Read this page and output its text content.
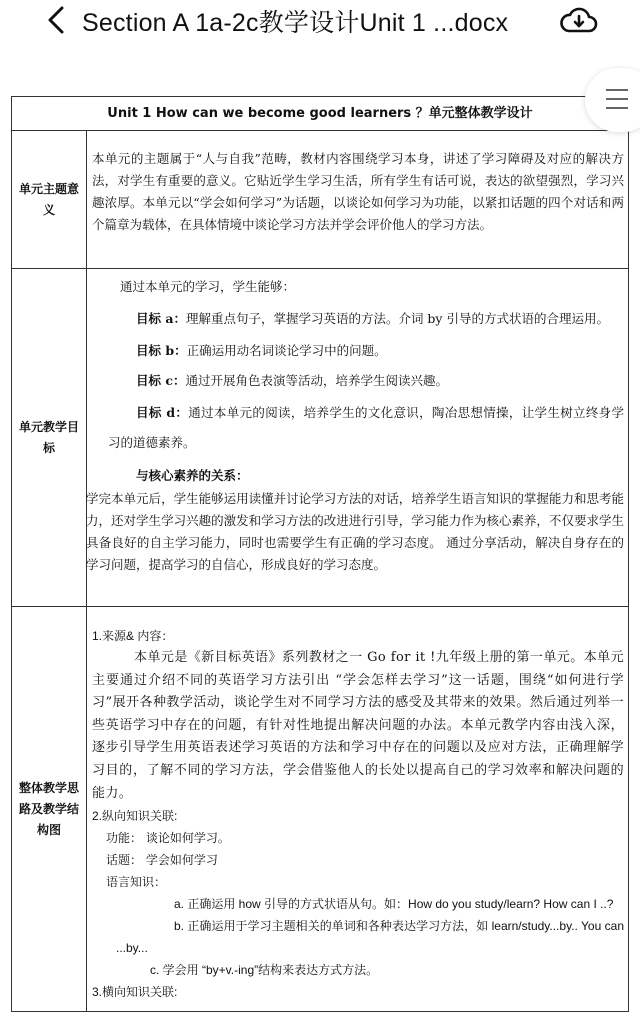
Section A 1a-2c教学设计Unit 1 ...docx
Unit 1 How can we become good learners ？单元整体教学设计
单元主题意义

本单元的主题属于“人与自我”范畴，教材内容围绕学习本身，讲述了学习障碍及对应的解决方法，对学生有重要的意义。它贴近学生学习生活，所有学生有话可说，表达的欲望强烈，学习兴趣浓厚。本单元以“学会如何学习”为话题，以谈论如何学习为功能，以紧扣话题的四个对话和两个篇章为载体，在具体情境中谈论学习方法并学会评价他人的学习方法。

单元教学目标

通过本单元的学习，学生能够：

目标 a：理解重点句子，掌握学习英语的方法。介词 by 引导的方式状语的合理运用。

目标 b：正确运用动名词谈论学习中的问题。

目标 c：通过开展角色表演等活动，培养学生阅读兴趣。

目标 d：通过本单元的阅读，培养学生的文化意识，陶冶思想情操，让学生树立终身学习的道德素养。

与核心素养的关系：

学完本单元后，学生能够运用读懂并讨论学习方法的对话，培养学生语言知识的掌握能力和思考能力，还对学生学习兴趣的激发和学习方法的改进进行引导，学习能力作为核心素养，不仅要求学生具备良好的自主学习能力，同时也需要学生有正确的学习态度。 通过分享活动，解决自身存在的学习问题，提高学习的自信心，形成良好的学习态度。

整体教学思路及教学结构图

1.来源& 内容：

本单元是《新目标英语》系列教材之一 Go for it !九年级上册的第一单元。本单元主要通过介绍不同的英语学习方法引出 “学会怎样去学习”这一话题，围绕“如何进行学习”展开各种教学活动，谈论学生对不同学习方法的感受及其带来的效果。然后通过列举一些英语学习中存在的问题，有针对性地提出解决问题的办法。本单元教学内容由浅入深，逐步引导学生用英语表述学习英语的方法和学习中存在的问题以及应对方法，正确理解学习目的，了解不同的学习方法，学会借鉴他人的长处以提高自己的学习效率和解决问题的能力。

2.纵向知识关联:

功能： 谈论如何学习。

话题： 学会如何学习

语言知识：

a. 正确运用 how 引导的方式状语从句。如：How do you study/learn? How can I ..?

b. 正确运用于学习主题相关的单词和各种表达学习方法，如 learn/study...by.. You can ...by...

c. 学会用 “by+v.-ing”结构来表达方式方法。

3.横向知识关联:
